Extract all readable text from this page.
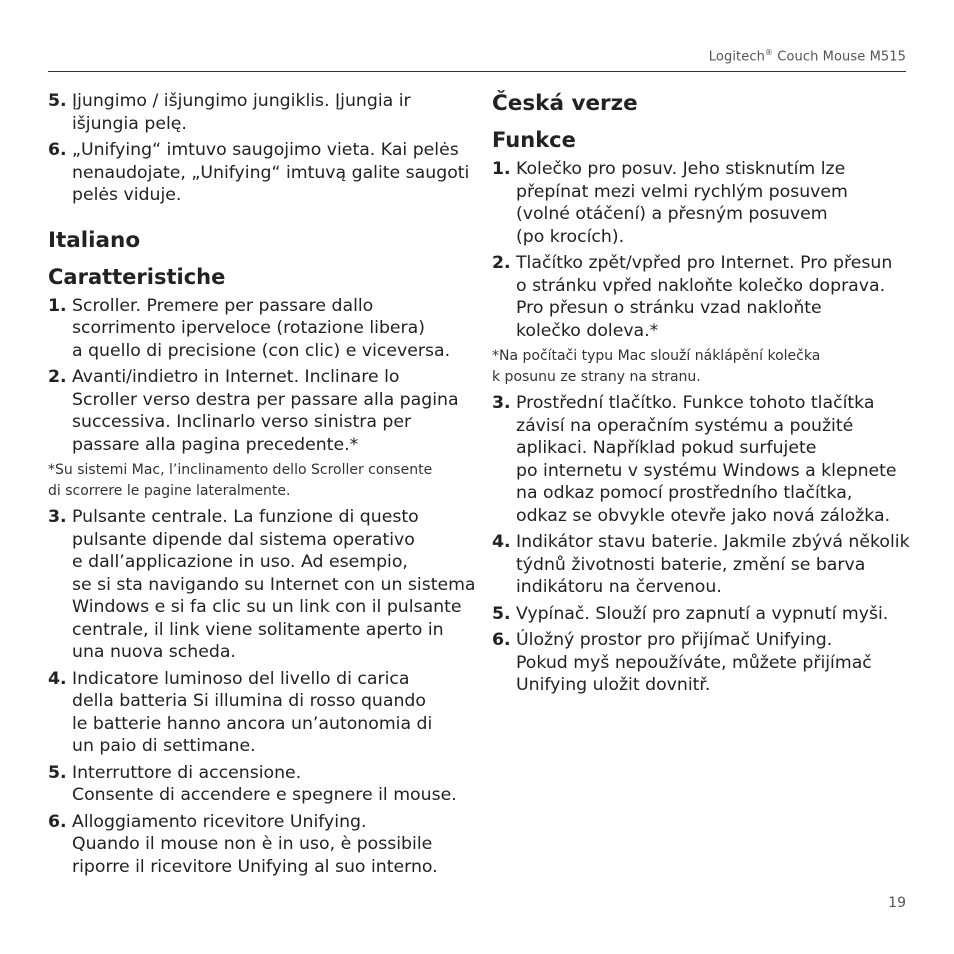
Logitech® Couch Mouse M515
5. Įjungimo / išjungimo jungiklis. Įjungia ir
išjungia pelę.
6. „Unifying“ imtuvo saugojimo vieta. Kai pelės
nenaudojate, „Unifying“ imtuvą galite saugoti
pelės viduje.
Italiano
Caratteristiche
1. Scroller. Premere per passare dallo
scorrimento iperveloce (rotazione libera)
a quello di precisione (con clic) e viceversa.
2. Avanti/indietro in Internet. Inclinare lo
Scroller verso destra per passare alla pagina
successiva. Inclinarlo verso sinistra per
passare alla pagina precedente.*
*Su sistemi Mac, l’inclinamento dello Scroller consente
di scorrere le pagine lateralmente.
3. Pulsante centrale. La funzione di questo
pulsante dipende dal sistema operativo
e dall’applicazione in uso. Ad esempio,
se si sta navigando su Internet con un sistema
Windows e si fa clic su un link con il pulsante
centrale, il link viene solitamente aperto in
una nuova scheda.
4. Indicatore luminoso del livello di carica
della batteria Si illumina di rosso quando
le batterie hanno ancora un’autonomia di
un paio di settimane.
5. Interruttore di accensione.
Consente di accendere e spegnere il mouse.
6. Alloggiamento ricevitore Unifying.
Quando il mouse non è in uso, è possibile
riporre il ricevitore Unifying al suo interno.
Česká verze
Funkce
1. Kolečko pro posuv. Jeho stisknutím lze
přepínat mezi velmi rychlým posuvem
(volné otáčení) a přesným posuvem
(po krocích).
2. Tlačítko zpět/vpřed pro Internet. Pro přesun
o stránku vpřed nakloňte kolečko doprava.
Pro přesun o stránku vzad nakloňte
kolečko doleva.*
*Na počítači typu Mac slouží náklápění kolečka
k posunu ze strany na stranu.
3. Prostřední tlačítko. Funkce tohoto tlačítka
závisí na operačním systému a použité
aplikaci. Například pokud surfujete
po internetu v systému Windows a klepnete
na odkaz pomocí prostředního tlačítka,
odkaz se obvykle otevře jako nová záložka.
4. Indikátor stavu baterie. Jakmile zbývá několik
týdnů životnosti baterie, změní se barva
indikátoru na červenou.
5. Vypínač. Slouží pro zapnutí a vypnutí myši.
6. Úložný prostor pro přijímač Unifying.
Pokud myš nepoužíváte, můžete přijímač
Unifying uložit dovnitř.
19
